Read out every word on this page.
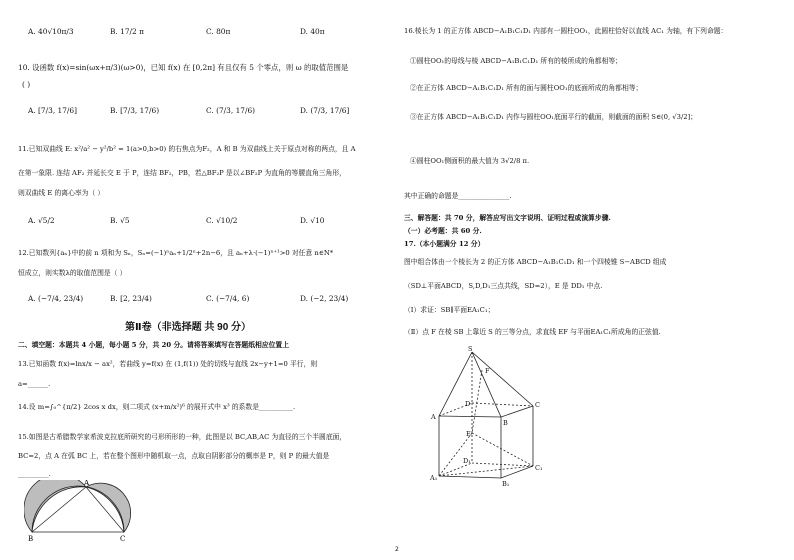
A. 40√10π/3	B. 17/2 π	C. 80π	D. 40π
10. 设函数 f(x)=sin(ωx+π/3)(ω>0)，已知 f(x) 在 [0,2π] 有且仅有 5 个零点，则 ω 的取值范围是
( )
A. [7/3, 17/6]	B. [7/3, 17/6)	C. (7/3, 17/6)	D. (7/3, 17/6]
11.已知双曲线 E: x²/a² − y²/b² = 1(a>0,b>0) 的右焦点为F₂，A 和 B 为双曲线上关于原点对称的两点，且 A
在第一象限. 连结 AF₂ 并延长交 E 于 P，连结 BF₂，PB，若△BF₂P 是以∠BF₂P 为直角的等腰直角三角形，
则双曲线 E 的离心率为（ ）
A. √5/2	B. √5	C. √10/2	D. √10
12.已知数列{aₙ}中的前 n 项和为 Sₙ，Sₙ=(−1)ⁿaₙ+1/2ⁿ+2n−6，且 aₙ+λ·(−1)ⁿ⁺¹>0 对任意 n∈N*
恒成立，则实数λ的取值范围是（ ）
A. (−7/4, 23/4)	B. [2, 23/4)	C. (−7/4, 6)	D. (−2, 23/4)
第Ⅱ卷（非选择题 共 90 分）
二、填空题：本题共 4 小题，每小题 5 分，共 20 分。请将答案填写在答题纸相应位置上
13.已知函数 f(x)=lnx/x − ax²，若曲线 y=f(x) 在 (1,f(1)) 处的切线与直线 2x−y+1=0 平行，则
a=______.
14.设 m=∫₀^{π/2} 2cos x dx，则二项式 (x+m/x²)⁶ 的展开式中 x³ 的系数是__________.
15.如图是古希腊数学家希波克拉底所研究的弓形所形的一种，此图是以 BC,AB,AC 为直径的三个半圆底面，
BC=2，点 A 在弧 BC 上，若在整个图形中随机取一点，点取自阴影部分的概率是 P，则 P 的最大值是
_________.
A
B	C
16.棱长为 1 的正方体 ABCD−A₁B₁C₁D₁ 内部有一圆柱OO₁，此圆柱恰好以直线 AC₁ 为轴，有下列命题：
①圆柱OO₁的母线与棱 ABCD−A₁B₁C₁D₁ 所有的棱所成的角都相等；
②在正方体 ABCD−A₁B₁C₁D₁ 所有的面与圆柱OO₁的底面所成的角都相等；
③在正方体 ABCD−A₁B₁C₁D₁ 内作与圆柱OO₁底面平行的截面，则截面的面积 S∈(0, √3/2]；
④圆柱OO₁侧面积的最大值为 3√2/8 π.
其中正确的命题是_______________.
三、解答题：共 70 分，解答应写出文字说明、证明过程或演算步骤.
（一）必考题：共 60 分.
17.（本小题满分 12 分）
图中组合体由一个棱长为 2 的正方体 ABCD−A₁B₁C₁D₁ 和一个四棱锥 S−ABCD 组成
（SD⊥平面ABCD，S,D,D₁三点共线，SD=2），E 是 DD₁ 中点.
（Ⅰ）求证：SB∥平面EA₁C₁；
（Ⅱ）点 F 在棱 SB 上靠近 S 的三等分点，求直线 EF 与平面EA₁C₁所成角的正弦值.
S
F
D	C
A
B
E
D₁
C₁
A₁
B₁
2
